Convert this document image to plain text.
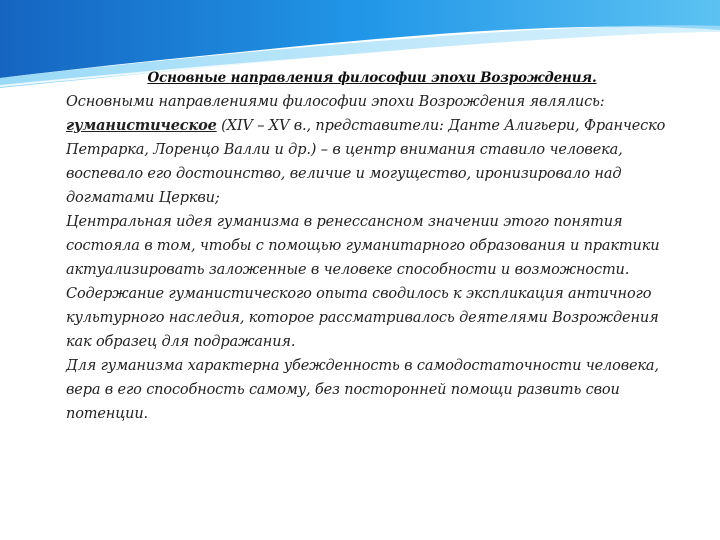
Основные направления философии эпохи Возрождения.

Основными направлениями философии эпохи Возрождения являлись: гуманистическое (XIV – XV в., представители: Данте Алигьери, Франческо Петрарка, Лоренцо Валли и др.) – в центр внимания ставило человека, воспевало его достоинство, величие и могущество, иронизировало над догматами Церкви;

Центральная идея гуманизма в ренессансном значении этого понятия состояла в том, чтобы с помощью гуманитарного образования и практики актуализировать заложенные в человеке способности и возможности.

Содержание гуманистического опыта сводилось к экспликация античного культурного наследия, которое рассматривалось деятелями Возрождения как образец для подражания.

Для гуманизма характерна убежденность в самодостаточности человека, вера в его способность самому, без посторонней помощи развить свои потенции.
